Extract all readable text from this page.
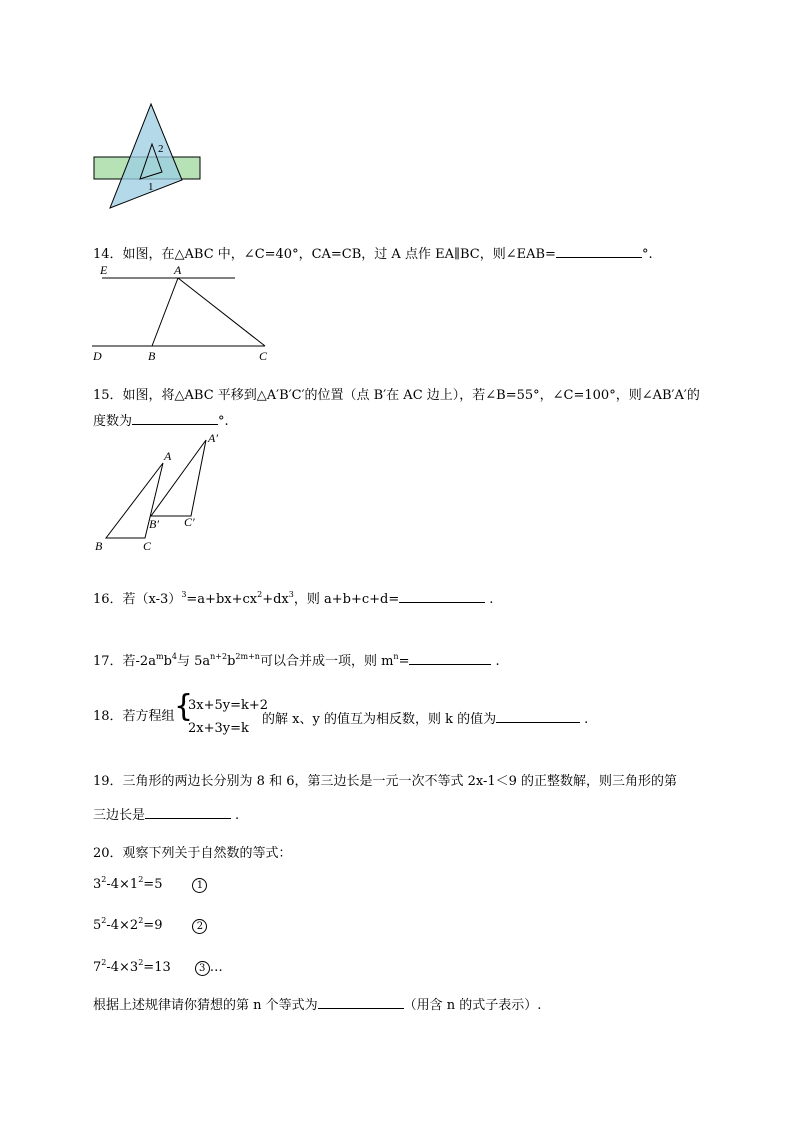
2
1
14．如图，在△ABC 中，∠C=40°，CA=CB，过 A 点作 EA∥BC，则∠EAB=	°.
E	A
D	B	C
15．如图，将△ABC 平移到△A′B′C′的位置（点 B′在 AC 边上），若∠B=55°，∠C=100°，则∠AB′A′的
度数为	°.
A
A′
B′ C′
B	C
16．若$(x-3)^3=a+bx+cx^2+dx^3$，则 a+b+c+d=	.
17．若$-2a^mb^4$与 $5a^{n+2}b^{2m+n}$可以合并成一项，则 $m^n=$	.
18．若方程组 {
3x+5y=k+2
2x+3y=k
的解 x、y 的值互为相反数，则 k 的值为	.
19．三角形的两边长分别为 8 和 6，第三边长是一元一次不等式 2x-1＜9 的正整数解，则三角形的第
三边长是	.
20．观察下列关于自然数的等式：
$3^2-4\times 1^2=5$	1
$5^2-4\times 2^2=9$	2
$7^2-4\times 3^2=13$	3 …
根据上述规律请你猜想的第 n 个等式为	（用含 n 的式子表示）.
